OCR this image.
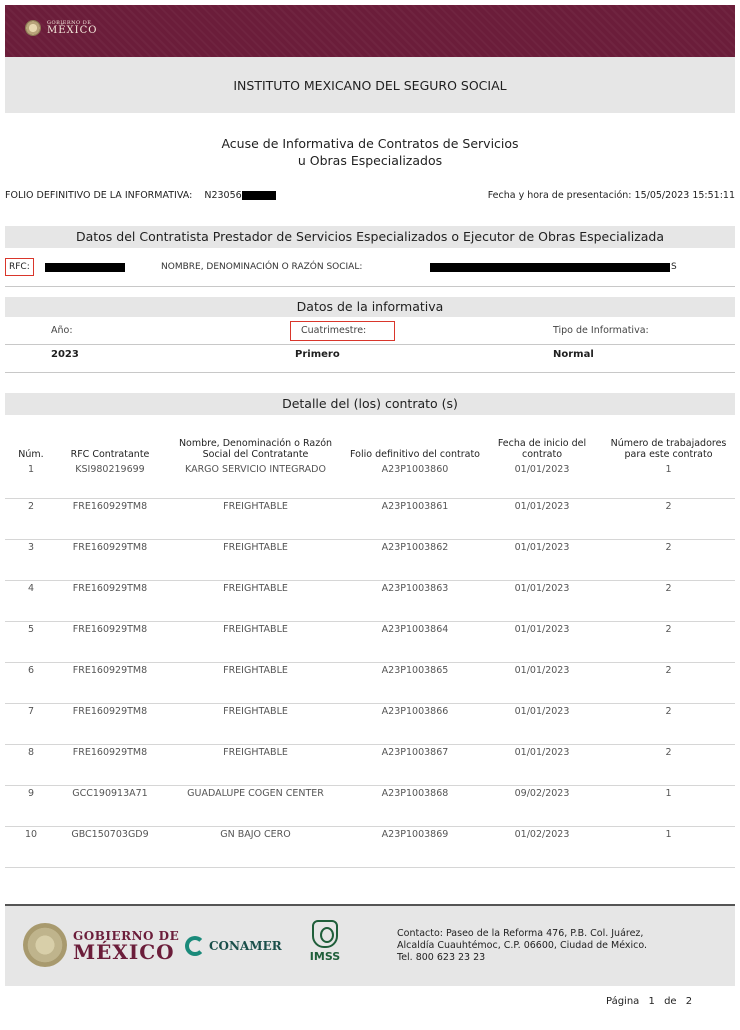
GOBIERNO DE
MÉXICO
INSTITUTO MEXICANO DEL SEGURO SOCIAL
Acuse de Informativa de Contratos de Servicios
u Obras Especializados
FOLIO DEFINITIVO DE LA INFORMATIVA: N23056	Fecha y hora de presentación: 15/05/2023 15:51:11
Datos del Contratista Prestador de Servicios Especializados o Ejecutor de Obras Especializada
RFC:	NOMBRE, DENOMINACIÓN O RAZÓN SOCIAL:	S
Datos de la informativa
Año:	Cuatrimestre:	Tipo de Informativa:
2023	Primero	Normal
Detalle del (los) contrato (s)
Núm.	RFC Contratante	Nombre, Denominación o Razón Social del Contratante	Folio definitivo del contrato	Fecha de inicio del contrato	Número de trabajadores para este contrato
1	KSI980219699	KARGO SERVICIO INTEGRADO	A23P1003860	01/01/2023	1
2	FRE160929TM8	FREIGHTABLE	A23P1003861	01/01/2023	2
3	FRE160929TM8	FREIGHTABLE	A23P1003862	01/01/2023	2
4	FRE160929TM8	FREIGHTABLE	A23P1003863	01/01/2023	2
5	FRE160929TM8	FREIGHTABLE	A23P1003864	01/01/2023	2
6	FRE160929TM8	FREIGHTABLE	A23P1003865	01/01/2023	2
7	FRE160929TM8	FREIGHTABLE	A23P1003866	01/01/2023	2
8	FRE160929TM8	FREIGHTABLE	A23P1003867	01/01/2023	2
9	GCC190913A71	GUADALUPE COGEN CENTER	A23P1003868	09/02/2023	1
10	GBC150703GD9	GN BAJO CERO	A23P1003869	01/02/2023	1
GOBIERNO DE
MÉXICO	CONAMER
IMSS
Contacto: Paseo de la Reforma 476, P.B. Col. Juárez,
Alcaldía Cuauhtémoc, C.P. 06600, Ciudad de México.
Tel. 800 623 23 23
Página 1 de 2
